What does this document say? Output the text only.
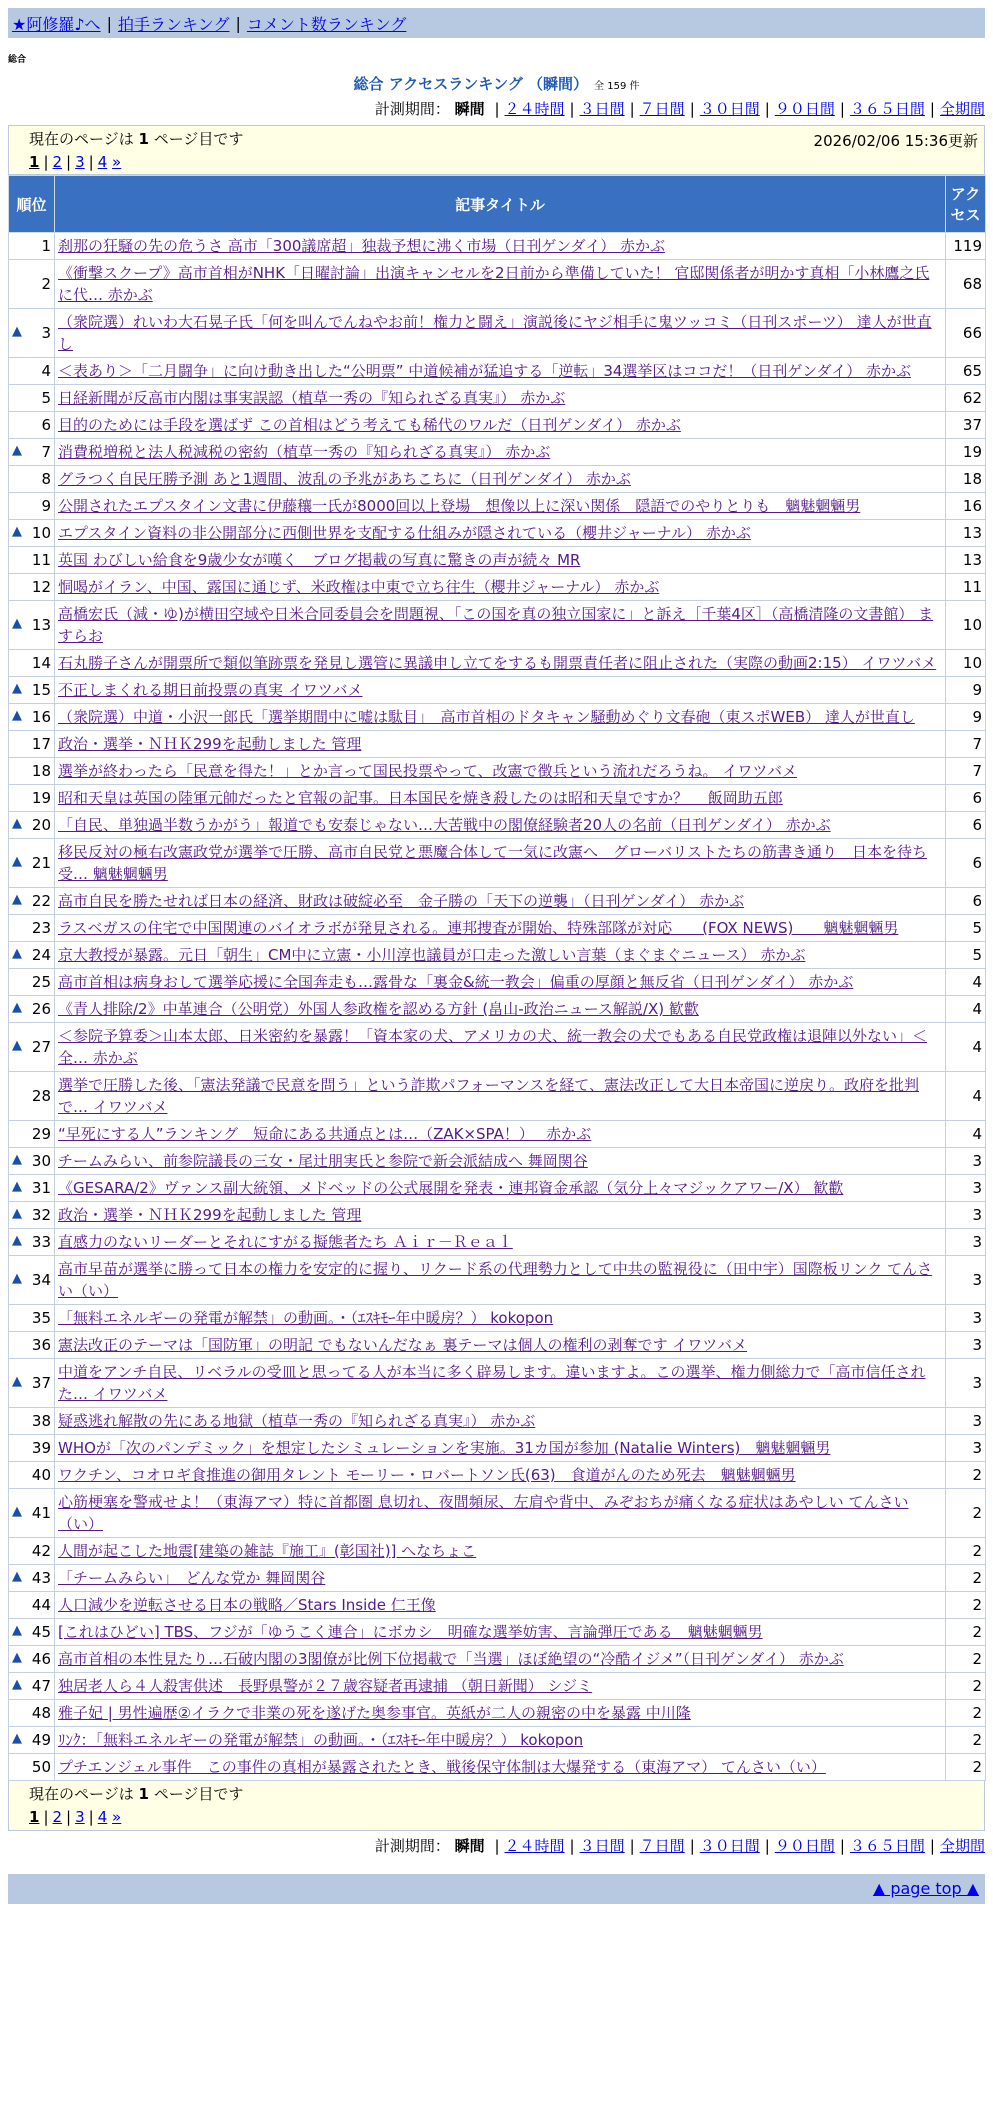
★阿修羅♪へ | 拍手ランキング | コメント数ランキング
総合
総合 アクセスランキング （瞬間） 全 159 件
計測期間： 瞬間 | ２４時間 | ３日間 | ７日間 | ３０日間 | ９０日間 | ３６５日間 | 全期間
現在のページは 1 ページ目です	2026/02/06 15:36更新
1 | 2 | 3 | 4 »
順位	記事タイトル	アクセス
1	刹那の狂騒の先の危うさ 高市「300議席超」独裁予想に沸く市場（日刊ゲンダイ） 赤かぶ	119
2	《衝撃スクープ》高市首相がNHK「日曜討論」出演キャンセルを2日前から準備していた！ 官邸関係者が明かす真相「小林鷹之氏に代… 赤かぶ	68

▲ 3	（衆院選）れいわ大石晃子氏「何を叫んでんねやお前！権力と闘え」演説後にヤジ相手に鬼ツッコミ（日刊スポーツ） 達人が世直し	66
4	＜表あり＞「二月闘争」に向け動き出した“公明票” 中道候補が猛追する「逆転」34選挙区はココだ！（日刊ゲンダイ） 赤かぶ	65
5	日経新聞が反高市内閣は事実誤認（植草一秀の『知られざる真実』） 赤かぶ	62
6	目的のためには手段を選ばず この首相はどう考えても稀代のワルだ（日刊ゲンダイ） 赤かぶ	37

▲ 7	消費税増税と法人税減税の密約（植草一秀の『知られざる真実』） 赤かぶ	19
8	グラつく自民圧勝予測 あと1週間、波乱の予兆があちこちに（日刊ゲンダイ） 赤かぶ	18
9	公開されたエプスタイン文書に伊藤穰一氏が8000回以上登場　想像以上に深い関係　隠語でのやりとりも　魑魅魍魎男	16

▲ 10	エプスタイン資料の非公開部分に西側世界を支配する仕組みが隠されている（櫻井ジャーナル） 赤かぶ	13
11	英国 わびしい給食を9歳少女が嘆く　ブログ掲載の写真に驚きの声が続々 MR	13
12	恫喝がイラン、中国、露国に通じず、米政権は中東で立ち往生（櫻井ジャーナル） 赤かぶ	11

▲ 13	高橋宏氏（減・ゆ)が横田空域や日米合同委員会を問題視、「この国を真の独立国家に」と訴え［千葉4区］（高橋清隆の文書館） ますらお	10
14	石丸勝子さんが開票所で類似筆跡票を発見し選管に異議申し立てをするも開票責任者に阻止された（実際の動画2:15） イワツバメ	10

▲ 15	不正しまくれる期日前投票の真実 イワツバメ	9

▲ 16	（衆院選）中道・小沢一郎氏「選挙期間中に嘘は駄目」　高市首相のドタキャン騒動めぐり文春砲（東スポWEB） 達人が世直し	9
17	政治・選挙・ＮＨＫ299を起動しました 管理	7
18	選挙が終わったら「民意を得た！」とか言って国民投票やって、改憲で徴兵という流れだろうね。 イワツバメ	7
19	昭和天皇は英国の陸軍元帥だったと官報の記事。日本国民を焼き殺したのは昭和天皇ですか？　 飯岡助五郎	6

▲ 20	「自民、単独過半数うかがう」報道でも安泰じゃない…大苦戦中の閣僚経験者20人の名前（日刊ゲンダイ） 赤かぶ	6

▲ 21	移民反対の極右改憲政党が選挙で圧勝、高市自民党と悪魔合体して一気に改憲へ　グローバリストたちの筋書き通り　日本を待ち受… 魑魅魍魎男	6

▲ 22	高市自民を勝たせれば日本の経済、財政は破綻必至　金子勝の「天下の逆襲」（日刊ゲンダイ） 赤かぶ	6
23	ラスベガスの住宅で中国関連のバイオラボが発見される。連邦捜査が開始、特殊部隊が対応　　(FOX NEWS)　　魑魅魍魎男	5

▲ 24	京大教授が暴露。元日「朝生」CM中に立憲・小川淳也議員が口走った激しい言葉（まぐまぐニュース） 赤かぶ	5
25	高市首相は病身おして選挙応援に全国奔走も…露骨な「裏金&統一教会」偏重の厚顔と無反省（日刊ゲンダイ） 赤かぶ	4

▲ 26	《青人排除/2》中革連合（公明党）外国人参政権を認める方針 (畠山-政治ニュース解説/X) 歓歡	4

▲ 27	＜参院予算委＞山本太郎、日米密約を暴露！「資本家の犬、アメリカの犬、統一教会の犬でもある自民党政権は退陣以外ない」＜全… 赤かぶ	4
28	選挙で圧勝した後、「憲法発議で民意を問う」という詐欺パフォーマンスを経て、憲法改正して大日本帝国に逆戻り。政府を批判で… イワツバメ	4
29	“早死にする人”ランキング　短命にある共通点とは…（ZAK×SPA！）　 赤かぶ	4

▲ 30	チームみらい、前参院議長の三女・尾辻朋実氏と参院で新会派結成へ 舞岡関谷	3

▲ 31	《GESARA/2》ヴァンス副大統領、メドベッドの公式展開を発表・連邦資金承認（気分上々マジックアワー/X） 歓歡	3

▲ 32	政治・選挙・ＮＨＫ299を起動しました 管理	3

▲ 33	直感力のないリーダーとそれにすがる擬態者たち Ａｉｒ－Ｒｅａｌ	3

▲ 34	高市早苗が選挙に勝って日本の権力を安定的に握り、リクード系の代理勢力として中共の監視役に（田中宇）国際板リンク てんさい（い）	3
35	「無料エネルギーの発電が解禁」の動画。・（ｴｽｷﾓｰ年中暖房？） kokopon	3
36	憲法改正のテーマは「国防軍」の明記 でもないんだなぁ 裏テーマは個人の権利の剥奪です イワツバメ	3

▲ 37	中道をアンチ自民、リベラルの受皿と思ってる人が本当に多く辟易します。違いますよ。この選挙、権力側総力で「高市信任された… イワツバメ	3
38	疑惑逃れ解散の先にある地獄（植草一秀の『知られざる真実』） 赤かぶ	3
39	WHOが「次のパンデミック」を想定したシミュレーションを実施。31カ国が参加 (Natalie Winters)　魑魅魍魎男	3
40	ワクチン、コオロギ食推進の御用タレント モーリー・ロバートソン氏(63)　食道がんのため死去　魑魅魍魎男	2

▲ 41	心筋梗塞を警戒せよ！（東海アマ）特に首都圏 息切れ、夜間頻尿、左肩や背中、みぞおちが痛くなる症状はあやしい てんさい（い）	2
42	人間が起こした地震[建築の雑誌『施工』(彰国社)] へなちょこ	2

▲ 43	「チームみらい」　どんな党か 舞岡関谷	2
44	人口減少を逆転させる日本の戦略／Stars Inside 仁王像	2

▲ 45	[これはひどい] TBS、フジが「ゆうこく連合」にボカシ　明確な選挙妨害、言論弾圧である　魑魅魍魎男	2

▲ 46	高市首相の本性見たり…石破内閣の3閣僚が比例下位掲載で「当選」ほぼ絶望の“冷酷イジメ”（日刊ゲンダイ） 赤かぶ	2

▲ 47	独居老人ら４人殺害供述　長野県警が２７歳容疑者再逮捕 （朝日新聞） シジミ	2
48	雅子妃 | 男性遍歴②イラクで非業の死を遂げた奥参事官。英紙が二人の親密の中を暴露 中川隆	2

▲ 49	ﾘﾝｸ：「無料エネルギーの発電が解禁」の動画。・（ｴｽｷﾓｰ年中暖房？） kokopon	2
50	プチエンジェル事件　この事件の真相が暴露されたとき、戦後保守体制は大爆発する（東海アマ） てんさい（い）	2
現在のページは 1 ページ目です
1 | 2 | 3 | 4 »
計測期間： 瞬間 | ２４時間 | ３日間 | ７日間 | ３０日間 | ９０日間 | ３６５日間 | 全期間
▲ page top ▲
